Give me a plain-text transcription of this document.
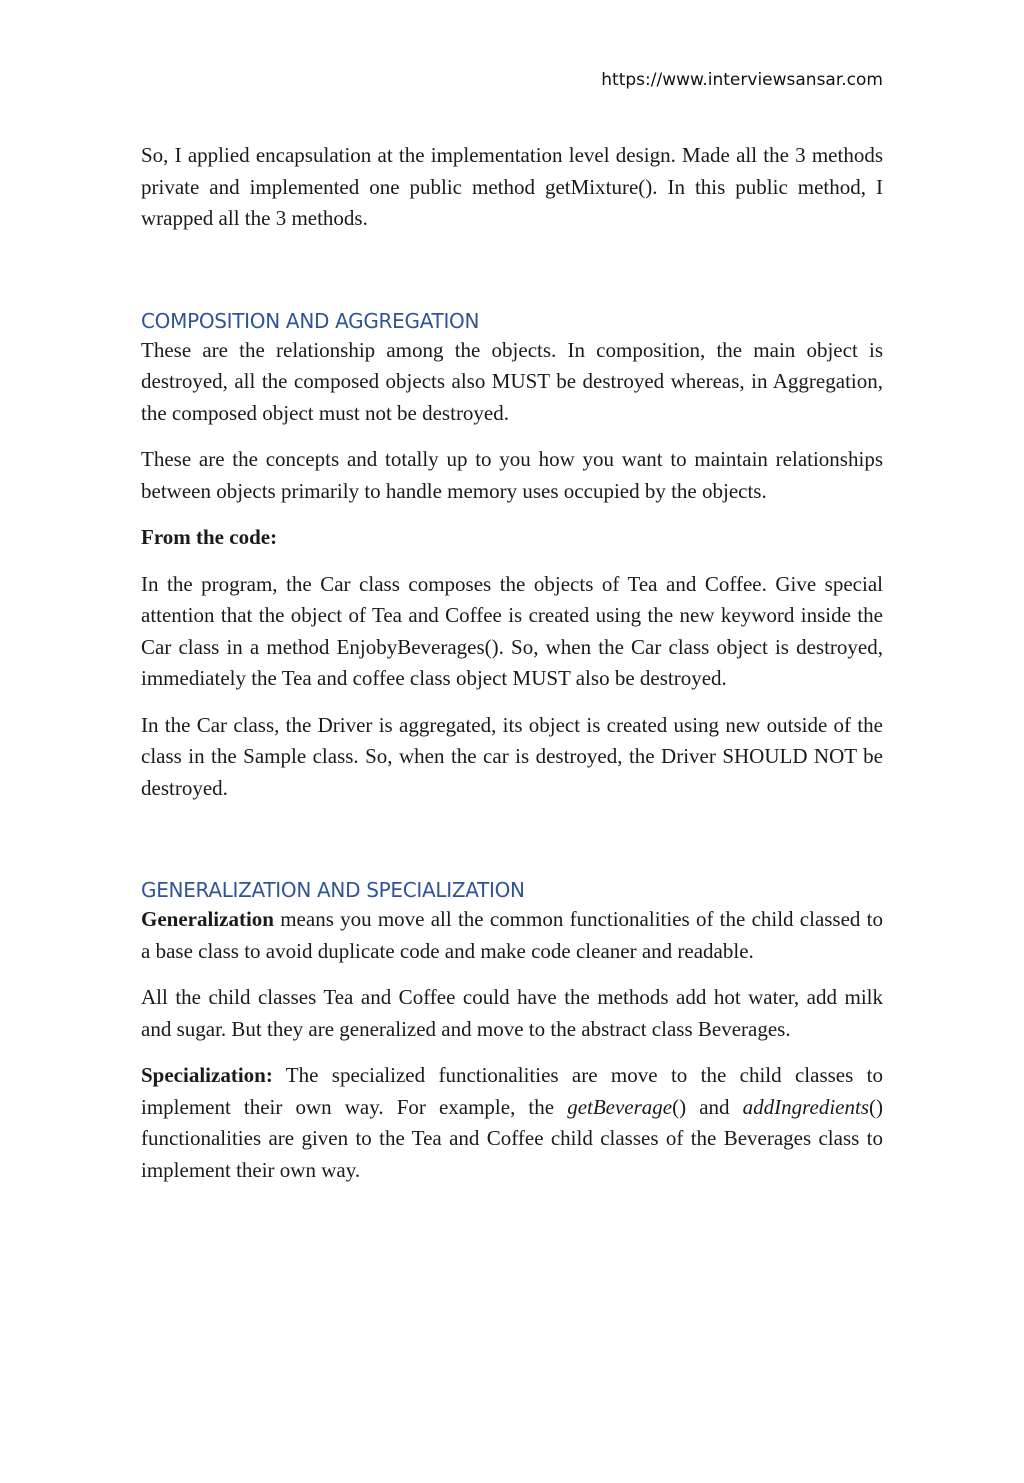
https://www.interviewsansar.com

So, I applied encapsulation at the implementation level design. Made all the 3 methods private and implemented one public method getMixture(). In this public method, I wrapped all the 3 methods.

COMPOSITION AND AGGREGATION

These are the relationship among the objects. In composition, the main object is destroyed, all the composed objects also MUST be destroyed whereas, in Aggregation, the composed object must not be destroyed.

These are the concepts and totally up to you how you want to maintain relationships between objects primarily to handle memory uses occupied by the objects.

From the code:

In the program, the Car class composes the objects of Tea and Coffee. Give special attention that the object of Tea and Coffee is created using the new keyword inside the Car class in a method EnjobyBeverages(). So, when the Car class object is destroyed, immediately the Tea and coffee class object MUST also be destroyed.

In the Car class, the Driver is aggregated, its object is created using new outside of the class in the Sample class. So, when the car is destroyed, the Driver SHOULD NOT be destroyed.

GENERALIZATION AND SPECIALIZATION

Generalization means you move all the common functionalities of the child classed to a base class to avoid duplicate code and make code cleaner and readable.

All the child classes Tea and Coffee could have the methods add hot water, add milk and sugar. But they are generalized and move to the abstract class Beverages.

Specialization: The specialized functionalities are move to the child classes to implement their own way. For example, the getBeverage() and addIngredients() functionalities are given to the Tea and Coffee child classes of the Beverages class to implement their own way.
